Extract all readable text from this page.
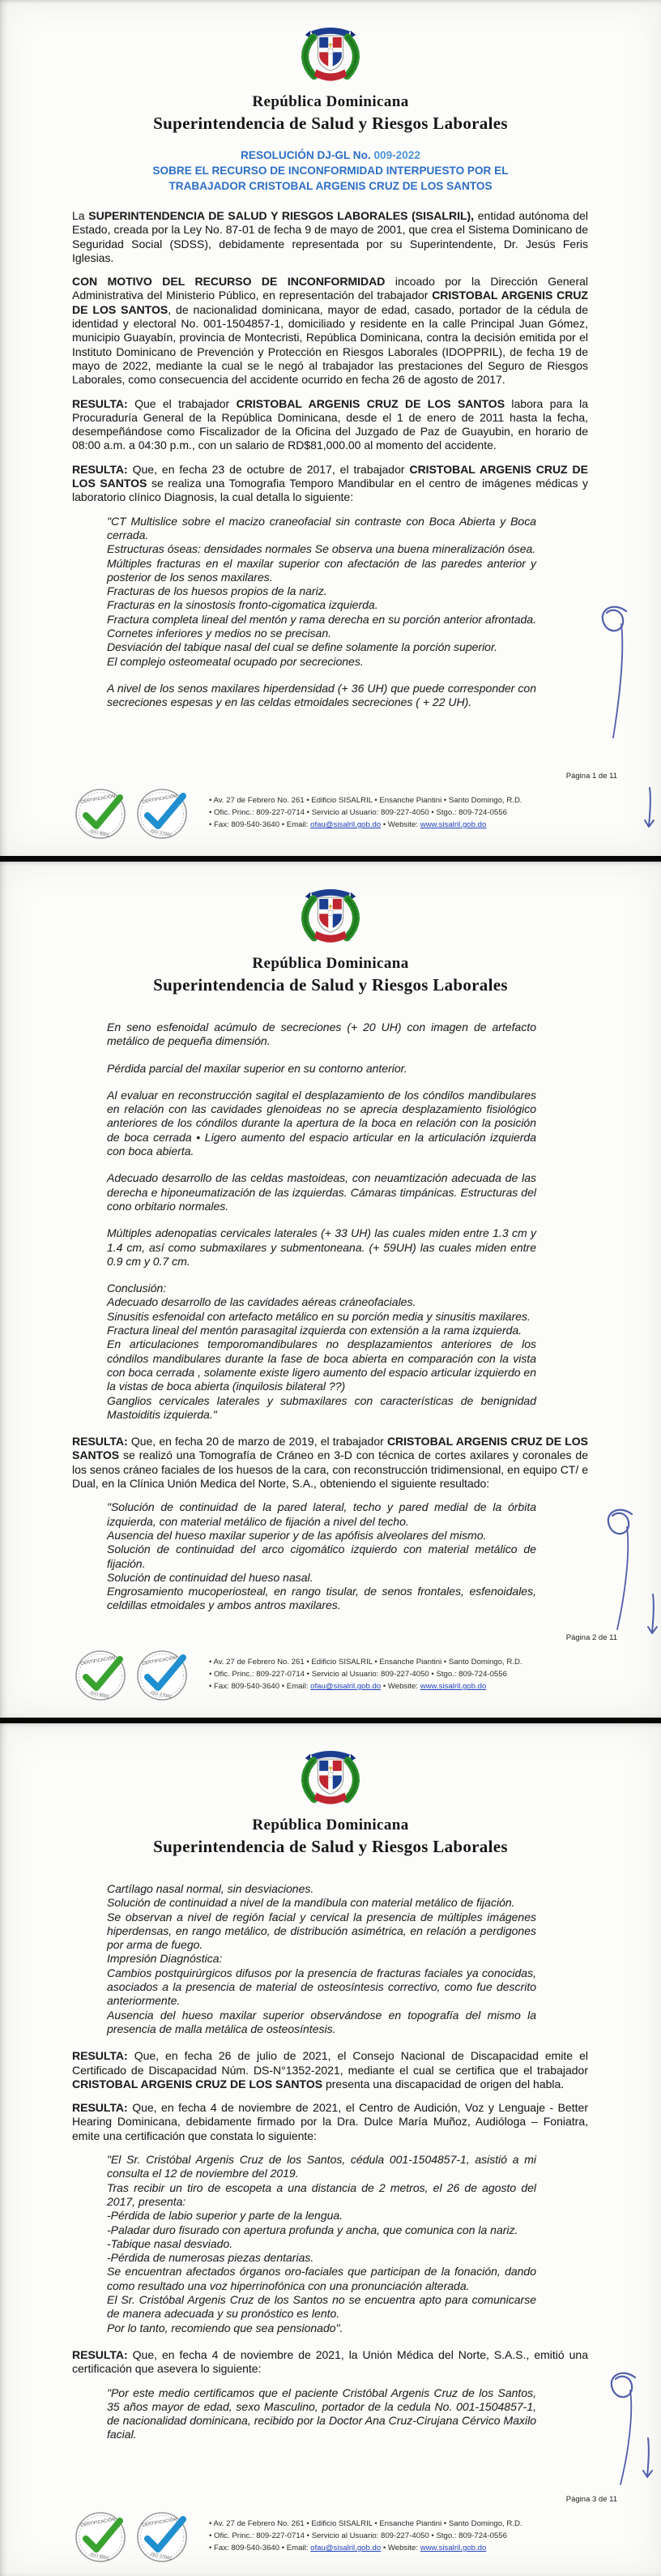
República Dominicana
Superintendencia de Salud y Riesgos Laborales
RESOLUCIÓN DJ-GL No. 009-2022
SOBRE EL RECURSO DE INCONFORMIDAD INTERPUESTO POR EL
TRABAJADOR CRISTOBAL ARGENIS CRUZ DE LOS SANTOS

La SUPERINTENDENCIA DE SALUD Y RIESGOS LABORALES (SISALRIL), entidad autónoma del Estado, creada por la Ley No. 87-01 de fecha 9 de mayo de 2001, que crea el Sistema Dominicano de Seguridad Social (SDSS), debidamente representada por su Superintendente, Dr. Jesús Feris Iglesias.

CON MOTIVO DEL RECURSO DE INCONFORMIDAD incoado por la Dirección General Administrativa del Ministerio Público, en representación del trabajador CRISTOBAL ARGENIS CRUZ DE LOS SANTOS, de nacionalidad dominicana, mayor de edad, casado, portador de la cédula de identidad y electoral No. 001-1504857-1, domiciliado y residente en la calle Principal Juan Gómez, municipio Guayabín, provincia de Montecristi, República Dominicana, contra la decisión emitida por el Instituto Dominicano de Prevención y Protección en Riesgos Laborales (IDOPPRIL), de fecha 19 de mayo de 2022, mediante la cual se le negó al trabajador las prestaciones del Seguro de Riesgos Laborales, como consecuencia del accidente ocurrido en fecha 26 de agosto de 2017.

RESULTA: Que el trabajador CRISTOBAL ARGENIS CRUZ DE LOS SANTOS labora para la Procuraduría General de la República Dominicana, desde el 1 de enero de 2011 hasta la fecha, desempeñándose como Fiscalizador de la Oficina del Juzgado de Paz de Guayubin, en horario de 08:00 a.m. a 04:30 p.m., con un salario de RD$81,000.00 al momento del accidente.

RESULTA: Que, en fecha 23 de octubre de 2017, el trabajador CRISTOBAL ARGENIS CRUZ DE LOS SANTOS se realiza una Tomografia Temporo Mandibular en el centro de imágenes médicas y laboratorio clínico Diagnosis, la cual detalla lo siguiente:

"CT Multislice sobre el macizo craneofacial sin contraste con Boca Abierta y Boca cerrada.

Estructuras óseas: densidades normales Se observa una buena mineralización ósea.

Múltiples fracturas en el maxilar superior con afectación de las paredes anterior y posterior de los senos maxilares.

Fracturas de los huesos propios de la nariz.

Fracturas en la sinostosis fronto-cigomatica izquierda.

Fractura completa lineal del mentón y rama derecha en su porción anterior afrontada.

Cornetes inferiores y medios no se precisan.

Desviación del tabique nasal del cual se define solamente la porción superior.

El complejo osteomeatal ocupado por secreciones.

A nivel de los senos maxilares hiperdensidad (+ 36 UH) que puede corresponder con secreciones espesas y en las celdas etmoidales secreciones ( + 22 UH).

Página 1 de 11
CERTIFICACIÓN
ISO 9001
CERTIFICACIÓN
ISO 27001
• Av. 27 de Febrero No. 261 • Edificio SISALRIL • Ensanche Piantini • Santo Domingo, R.D.
• Ofic. Princ.: 809-227-0714 • Servicio al Usuario: 809-227-4050 • Stgo.: 809-724-0556
• Fax: 809-540-3640 • Email: ofau@sisalril.gob.do • Website: www.sisalril.gob.do
República Dominicana
Superintendencia de Salud y Riesgos Laborales

En seno esfenoidal acúmulo de secreciones (+ 20 UH) con imagen de artefacto metálico de pequeña dimensión.

Pérdida parcial del maxilar superior en su contorno anterior.

Al evaluar en reconstrucción sagital el desplazamiento de los cóndilos mandibulares en relación con las cavidades glenoideas no se aprecia desplazamiento fisiológico anteriores de los cóndilos durante la apertura de la boca en relación con la posición de boca cerrada • Ligero aumento del espacio articular en la articulación izquierda con boca abierta.

Adecuado desarrollo de las celdas mastoideas, con neuamtización adecuada de las derecha e hiponeumatización de las izquierdas. Cámaras timpánicas. Estructuras del cono orbitario normales.

Múltiples adenopatias cervicales laterales (+ 33 UH) las cuales miden entre 1.3 cm y 1.4 cm, así como submaxilares y submentoneana. (+ 59UH) las cuales miden entre 0.9 cm y 0.7 cm.

Conclusión:

Adecuado desarrollo de las cavidades aéreas cráneofaciales.

Sinusitis esfenoidal con artefacto metálico en su porción media y sinusitis maxilares.

Fractura lineal del mentón parasagital izquierda con extensión a la rama izquierda.

En articulaciones temporomandibulares no desplazamientos anteriores de los cóndilos mandibulares durante la fase de boca abierta en comparación con la vista con boca cerrada , solamente existe ligero aumento del espacio articular izquierdo en la vistas de boca abierta (inquilosis bilateral ??)

Ganglios cervicales laterales y submaxilares con características de benignidad Mastoiditis izquierda."

RESULTA: Que, en fecha 20 de marzo de 2019, el trabajador CRISTOBAL ARGENIS CRUZ DE LOS SANTOS se realizó una Tomografía de Cráneo en 3-D con técnica de cortes axilares y coronales de los senos cráneo faciales de los huesos de la cara, con reconstrucción tridimensional, en equipo CT/ e Dual, en la Clínica Unión Medica del Norte, S.A., obteniendo el siguiente resultado:

"Solución de continuidad de la pared lateral, techo y pared medial de la órbita izquierda, con material metálico de fijación a nivel del techo.

Ausencia del hueso maxilar superior y de las apófisis alveolares del mismo.

Solución de continuidad del arco cigomático izquierdo con material metálico de fijación.

Solución de continuidad del hueso nasal.

Engrosamiento mucoperiosteal, en rango tisular, de senos frontales, esfenoidales, celdillas etmoidales y ambos antros maxilares.

Página 2 de 11
CERTIFICACIÓN
ISO 9001
CERTIFICACIÓN
ISO 27001
• Av. 27 de Febrero No. 261 • Edificio SISALRIL • Ensanche Piantini • Santo Domingo, R.D.
• Ofic. Princ.: 809-227-0714 • Servicio al Usuario: 809-227-4050 • Stgo.: 809-724-0556
• Fax: 809-540-3640 • Email: ofau@sisalril.gob.do • Website: www.sisalril.gob.do
República Dominicana
Superintendencia de Salud y Riesgos Laborales

Cartílago nasal normal, sin desviaciones.

Solución de continuidad a nivel de la mandíbula con material metálico de fijación.

Se observan a nivel de región facial y cervical la presencia de múltiples imágenes hiperdensas, en rango metálico, de distribución asimétrica, en relación a perdigones por arma de fuego.

Impresión Diagnóstica:

Cambios postquirúrgicos difusos por la presencia de fracturas faciales ya conocidas, asociados a la presencia de material de osteosíntesis correctivo, como fue descrito anteriormente.

Ausencia del hueso maxilar superior observándose en topografía del mismo la presencia de malla metálica de osteosíntesis.

RESULTA: Que, en fecha 26 de julio de 2021, el Consejo Nacional de Discapacidad emite el Certificado de Discapacidad Núm. DS-N°1352-2021, mediante el cual se certifica que el trabajador CRISTOBAL ARGENIS CRUZ DE LOS SANTOS presenta una discapacidad de origen del habla.

RESULTA: Que, en fecha 4 de noviembre de 2021, el Centro de Audición, Voz y Lenguaje - Better Hearing Dominicana, debidamente firmado por la Dra. Dulce María Muñoz, Audióloga – Foniatra, emite una certificación que constata lo siguiente:

"El Sr. Cristóbal Argenis Cruz de los Santos, cédula 001-1504857-1, asistió a mi consulta el 12 de noviembre del 2019.

Tras recibir un tiro de escopeta a una distancia de 2 metros, el 26 de agosto del 2017, presenta:

-Pérdida de labio superior y parte de la lengua.

-Paladar duro fisurado con apertura profunda y ancha, que comunica con la nariz.

-Tabique nasal desviado.

-Pérdida de numerosas piezas dentarias.

Se encuentran afectados órganos oro-faciales que participan de la fonación, dando como resultado una voz hiperrinofónica con una pronunciación alterada.

El Sr. Cristóbal Argenis Cruz de los Santos no se encuentra apto para comunicarse de manera adecuada y su pronóstico es lento.

Por lo tanto, recomiendo que sea pensionado".

RESULTA: Que, en fecha 4 de noviembre de 2021, la Unión Médica del Norte, S.A.S., emitió una certificación que asevera lo siguiente:

"Por este medio certificamos que el paciente Cristóbal Argenis Cruz de los Santos, 35 años mayor de edad, sexo Masculino, portador de la cedula No. 001-1504857-1, de nacionalidad dominicana, recibido por la Doctor Ana Cruz-Cirujana Cérvico Maxilo facial.

Página 3 de 11
CERTIFICACIÓN
ISO 9001
CERTIFICACIÓN
ISO 27001
• Av. 27 de Febrero No. 261 • Edificio SISALRIL • Ensanche Piantini • Santo Domingo, R.D.
• Ofic. Princ.: 809-227-0714 • Servicio al Usuario: 809-227-4050 • Stgo.: 809-724-0556
• Fax: 809-540-3640 • Email: ofau@sisalril.gob.do • Website: www.sisalril.gob.do
